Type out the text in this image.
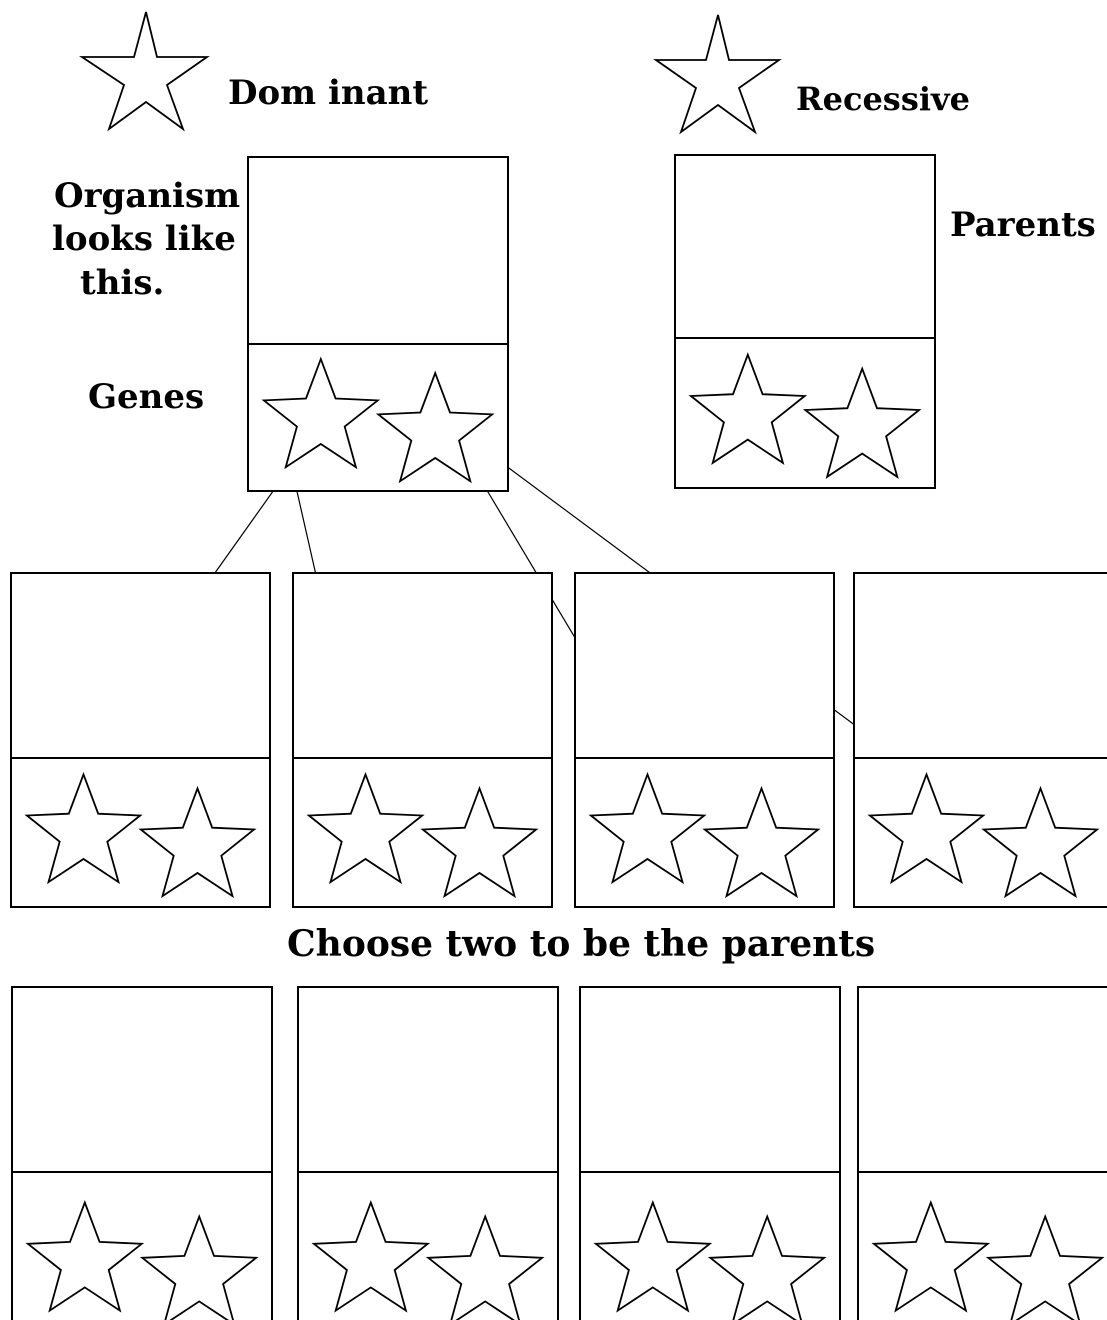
Dom inant	Recessive
Organism
looks like
this.
Genes
Parents
Choose two to be the parents
